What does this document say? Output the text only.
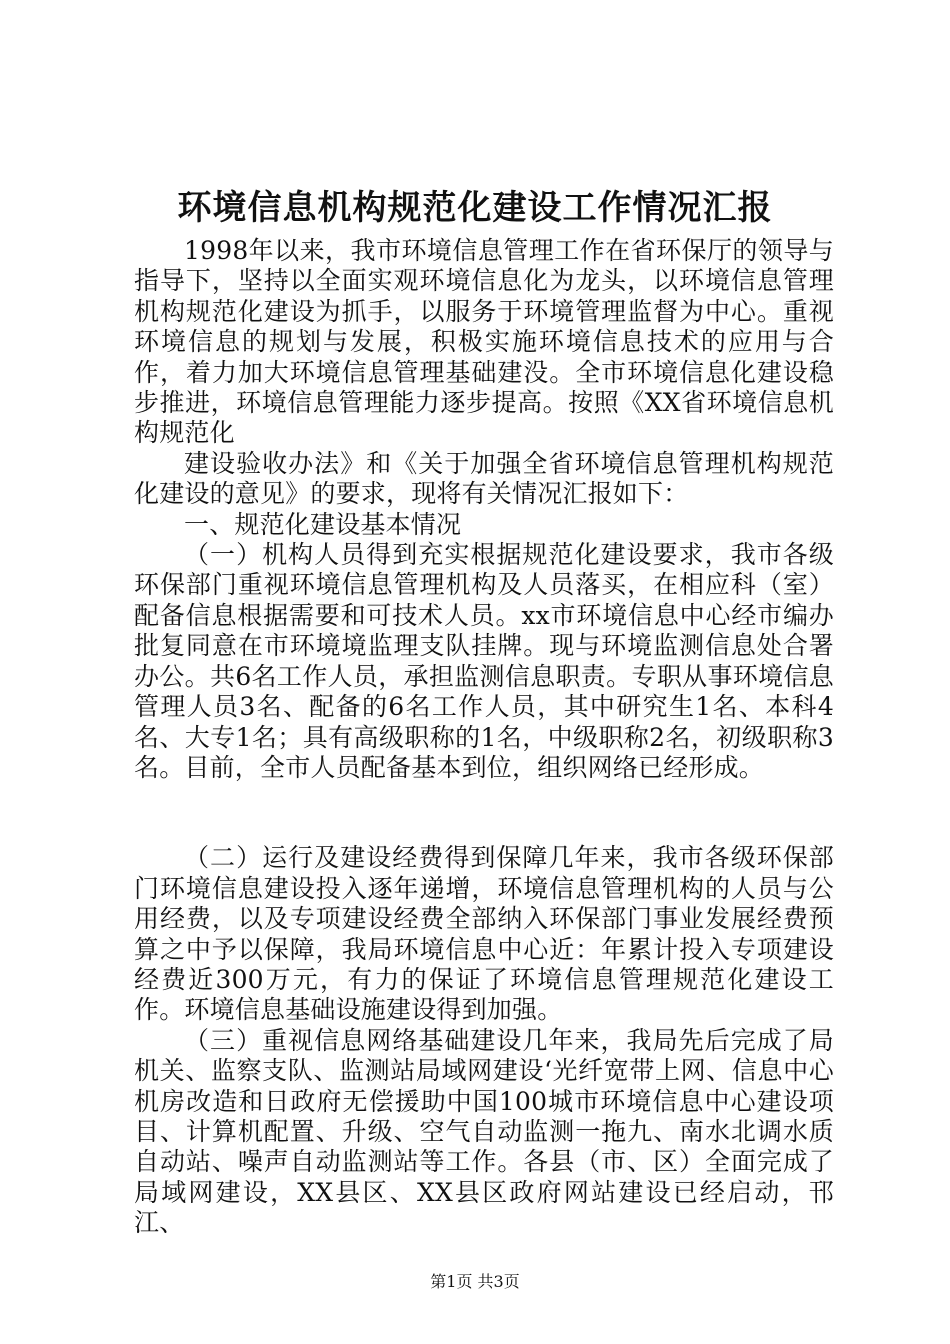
环境信息机构规范化建设工作情况汇报

1998年以来，我市环境信息管理工作在省环保厅的领导与指导下，坚持以全面实观环境信息化为龙头，以环境信息管理机构规范化建设为抓手，以服务于环境管理监督为中心。重视环境信息的规划与发展，积极实施环境信息技术的应用与合作，着力加大环境信息管理基础建没。全市环境信息化建设稳步推进，环境信息管理能力逐步提高。按照《XX省环境信息机构规范化

建设验收办法》和《关于加强全省环境信息管理机构规范化建设的意见》的要求，现将有关情况汇报如下：

一、规范化建设基本情况

（一）机构人员得到充实根据规范化建设要求，我市各级环保部门重视环境信息管理机构及人员落买，在相应科（室）配备信息根据需要和可技术人员。xx市环境信息中心经市编办批复同意在市环境境监理支队挂牌。现与环境监测信息处合署办公。共6名工作人员，承担监测信息职责。专职从事环境信息管理人员3名、配备的6名工作人员，其中研究生1名、本科4名、大专1名；具有高级职称的1名，中级职称2名，初级职称3名。目前，全市人员配备基本到位，组织网络已经形成。

（二）运行及建设经费得到保障几年来，我市各级环保部门环境信息建设投入逐年递增，环境信息管理机构的人员与公用经费，以及专项建设经费全部纳入环保部门事业发展经费预算之中予以保障，我局环境信息中心近：年累计投入专项建设经费近300万元，有力的保证了环境信息管理规范化建设工作。环境信息基础设施建设得到加强。

（三）重视信息网络基础建设几年来，我局先后完成了局机关、监察支队、监测站局域网建设‘光纤宽带上网、信息中心机房改造和日政府无偿援助中国100城市环境信息中心建设项目、计算机配置、升级、空气自动监测一拖九、南水北调水质自动站、噪声自动监测站等工作。各县（市、区）全面完成了局域网建设，XX县区、XX县区政府网站建设已经启动，邗江、

第1页 共3页
